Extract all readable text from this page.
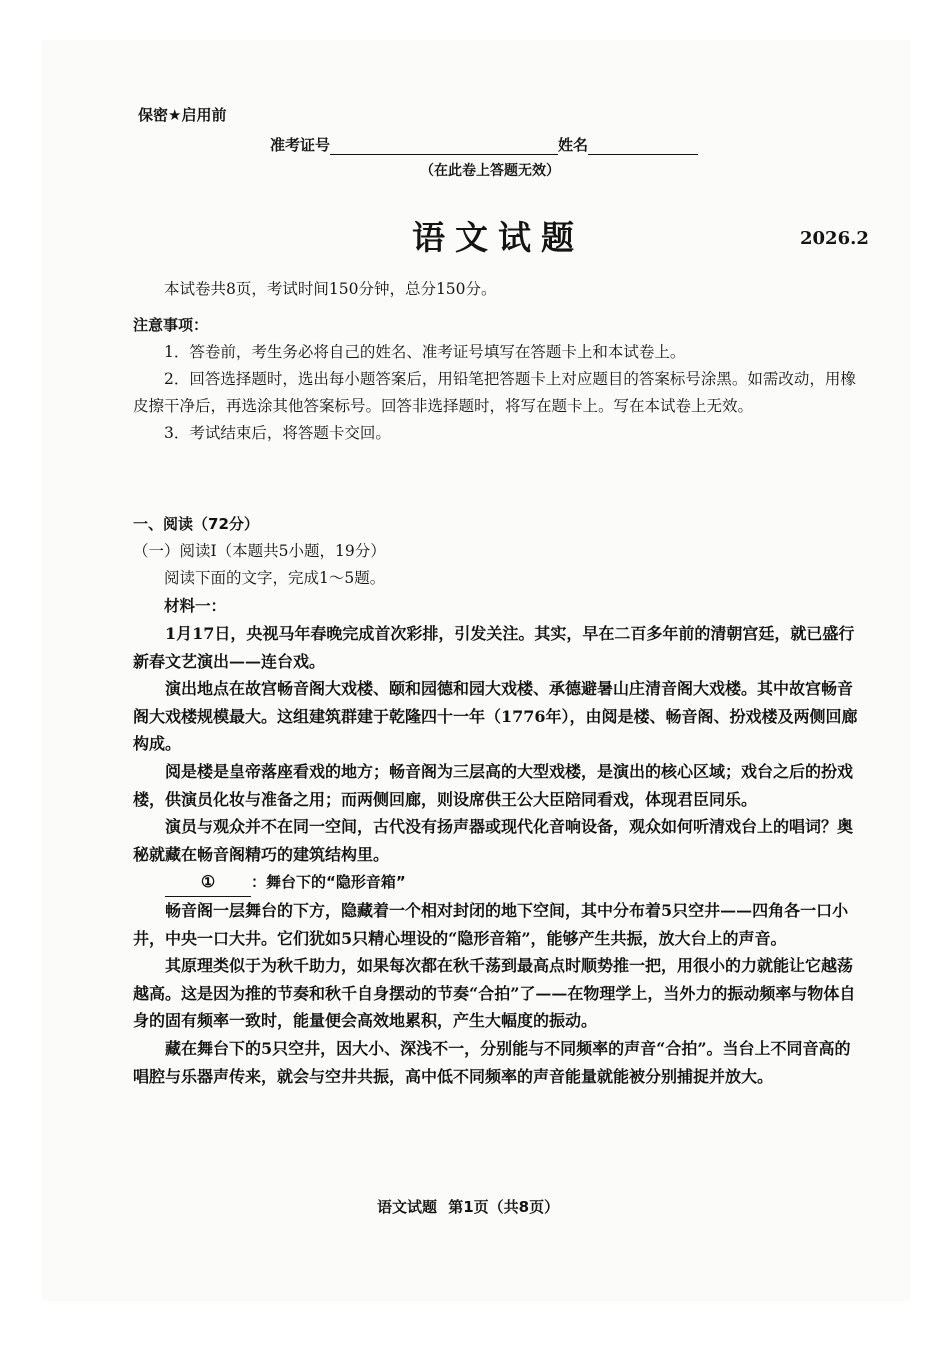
保密★启用前
准考证号	姓名
（在此卷上答题无效）
语文试题	2026.2

本试卷共8页，考试时间150分钟，总分150分。

注意事项：

1．答卷前，考生务必将自己的姓名、准考证号填写在答题卡上和本试卷上。

2．回答选择题时，选出每小题答案后，用铅笔把答题卡上对应题目的答案标号涂黑。如需改动，用橡皮擦干净后，再选涂其他答案标号。回答非选择题时，将写在题卡上。写在本试卷上无效。

3．考试结束后，将答题卡交回。

一、阅读（72分）

（一）阅读Ⅰ（本题共5小题，19分）

阅读下面的文字，完成1～5题。

材料一：

1月17日，央视马年春晚完成首次彩排，引发关注。其实，早在二百多年前的清朝宫廷，就已盛行新春文艺演出——连台戏。

演出地点在故宫畅音阁大戏楼、颐和园德和园大戏楼、承德避暑山庄清音阁大戏楼。其中故宫畅音阁大戏楼规模最大。这组建筑群建于乾隆四十一年（1776年），由阅是楼、畅音阁、扮戏楼及两侧回廊构成。

阅是楼是皇帝落座看戏的地方；畅音阁为三层高的大型戏楼，是演出的核心区域；戏台之后的扮戏楼，供演员化妆与准备之用；而两侧回廊，则设席供王公大臣陪同看戏，体现君臣同乐。

演员与观众并不在同一空间，古代没有扬声器或现代化音响设备，观众如何听清戏台上的唱词？奥秘就藏在畅音阁精巧的建筑结构里。

① ：舞台下的“隐形音箱”

畅音阁一层舞台的下方，隐藏着一个相对封闭的地下空间，其中分布着5只空井——四角各一口小井，中央一口大井。它们犹如5只精心埋设的“隐形音箱”，能够产生共振，放大台上的声音。

其原理类似于为秋千助力，如果每次都在秋千荡到最高点时顺势推一把，用很小的力就能让它越荡越高。这是因为推的节奏和秋千自身摆动的节奏“合拍”了——在物理学上，当外力的振动频率与物体自身的固有频率一致时，能量便会高效地累积，产生大幅度的振动。

藏在舞台下的5只空井，因大小、深浅不一，分别能与不同频率的声音“合拍”。当台上不同音高的唱腔与乐器声传来，就会与空井共振，高中低不同频率的声音能量就能被分别捕捉并放大。

语文试题 第1页（共8页）
